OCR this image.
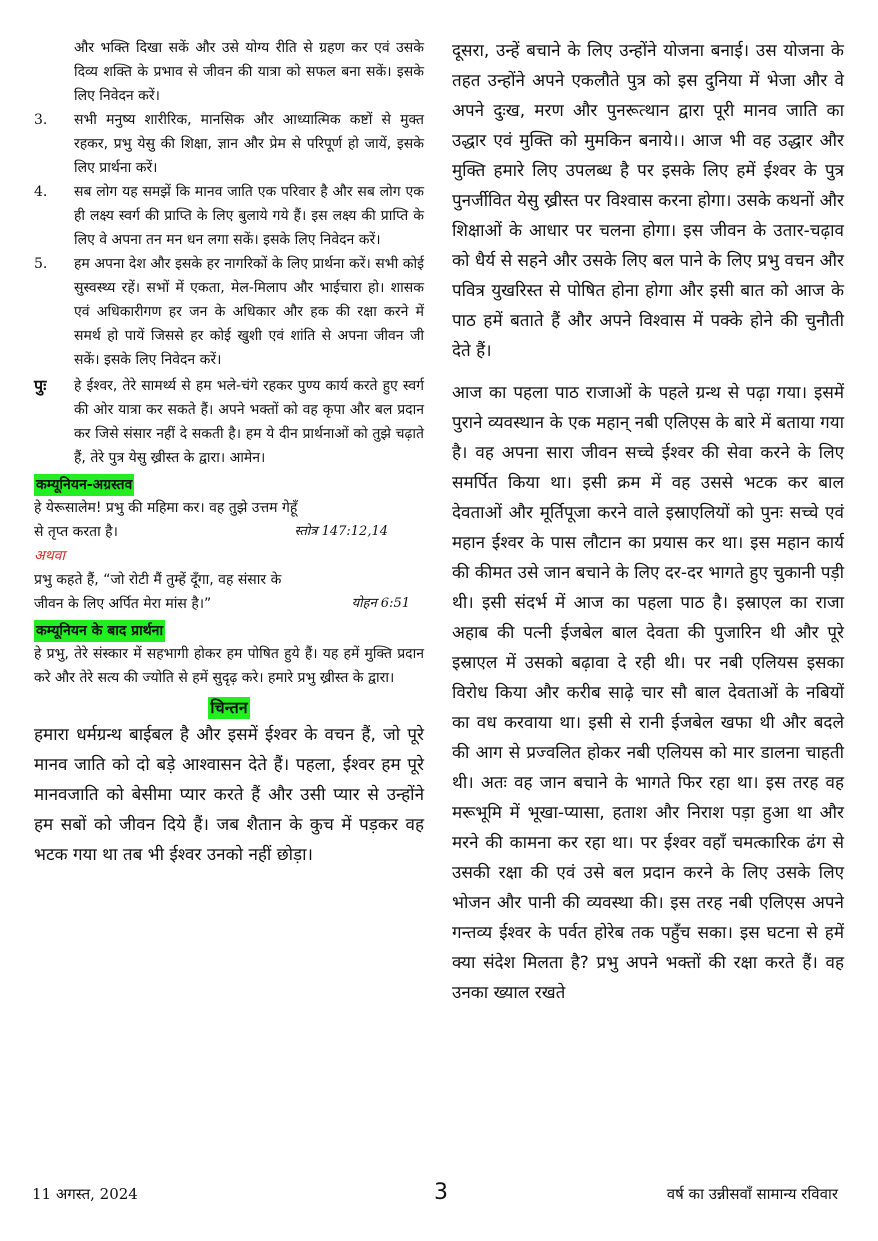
और भक्ति दिखा सकें और उसे योग्य रीति से ग्रहण कर एवं उसके दिव्य शक्ति के प्रभाव से जीवन की यात्रा को सफल बना सकें। इसके लिए निवेदन करें।

3.	सभी मनुष्य शारीरिक, मानसिक और आध्यात्मिक कष्टों से मुक्त रहकर, प्रभु येसु की शिक्षा, ज्ञान और प्रेम से परिपूर्ण हो जायें, इसके लिए प्रार्थना करें।
4.	सब लोग यह समझें कि मानव जाति एक परिवार है और सब लोग एक ही लक्ष्य स्वर्ग की प्राप्ति के लिए बुलाये गये हैं। इस लक्ष्य की प्राप्ति के लिए वे अपना तन मन धन लगा सकें। इसके लिए निवेदन करें।
5.	हम अपना देश और इसके हर नागरिकों के लिए प्रार्थना करें। सभी कोई सुस्वस्थ्य रहें। सभों में एकता, मेल-मिलाप और भाईचारा हो। शासक एवं अधिकारीगण हर जन के अधिकार और हक की रक्षा करने में समर्थ हो पायें जिससे हर कोई खुशी एवं शांति से अपना जीवन जी सकें। इसके लिए निवेदन करें।
पुः	हे ईश्वर, तेरे सामर्थ्य से हम भले-चंगे रहकर पुण्य कार्य करते हुए स्वर्ग की ओर यात्रा कर सकते हैं। अपने भक्तों को वह कृपा और बल प्रदान कर जिसे संसार नहीं दे सकती है। हम ये दीन प्रार्थनाओं को तुझे चढ़ाते हैं, तेरे पुत्र येसु ख्रीस्त के द्वारा। आमेन।
कम्यूनियन-अग्रस्तव
हे येरूसालेम! प्रभु की महिमा कर। वह तुझे उत्तम गेहूँ
से तृप्त करता है।	स्तोत्र 147:12,14
अथवा
प्रभु कहते हैं, “जो रोटी मैं तुम्हें दूँगा, वह संसार के
जीवन के लिए अर्पित मेरा मांस है।”	योहन 6:51
कम्यूनियन के बाद प्रार्थना

हे प्रभु, तेरे संस्कार में सहभागी होकर हम पोषित हुये हैं। यह हमें मुक्ति प्रदान करे और तेरे सत्य की ज्योति से हमें सुदृढ़ करे। हमारे प्रभु ख्रीस्त के द्वारा।

चिन्तन

हमारा धर्मग्रन्थ बाईबल है और इसमें ईश्वर के वचन हैं, जो पूरे मानव जाति को दो बड़े आश्वासन देते हैं। पहला, ईश्वर हम पूरे मानवजाति को बेसीमा प्यार करते हैं और उसी प्यार से उन्होंने हम सबों को जीवन दिये हैं। जब शैतान के कुच में पड़कर वह भटक गया था तब भी ईश्वर उनको नहीं छोड़ा।

दूसरा, उन्हें बचाने के लिए उन्होंने योजना बनाई। उस योजना के तहत उन्होंने अपने एकलौते पुत्र को इस दुनिया में भेजा और वे अपने दुःख, मरण और पुनरूत्थान द्वारा पूरी मानव जाति का उद्धार एवं मुक्ति को मुमकिन बनाये।। आज भी वह उद्धार और मुक्ति हमारे लिए उपलब्ध है पर इसके लिए हमें ईश्वर के पुत्र पुनर्जीवित येसु ख्रीस्त पर विश्वास करना होगा। उसके कथनों और शिक्षाओं के आधार पर चलना होगा। इस जीवन के उतार-चढ़ाव को धैर्य से सहने और उसके लिए बल पाने के लिए प्रभु वचन और पवित्र युखरिस्त से पोषित होना होगा और इसी बात को आज के पाठ हमें बताते हैं और अपने विश्वास में पक्के होने की चुनौती देते हैं।

आज का पहला पाठ राजाओं के पहले ग्रन्थ से पढ़ा गया। इसमें पुराने व्यवस्थान के एक महान् नबी एलिएस के बारे में बताया गया है। वह अपना सारा जीवन सच्चे ईश्वर की सेवा करने के लिए समर्पित किया था। इसी क्रम में वह उससे भटक कर बाल देवताओं और मूर्तिपूजा करने वाले इस्राएलियों को पुनः सच्चे एवं महान ईश्वर के पास लौटान का प्रयास कर था। इस महान कार्य की कीमत उसे जान बचाने के लिए दर-दर भागते हुए चुकानी पड़ी थी। इसी संदर्भ में आज का पहला पाठ है। इस्राएल का राजा अहाब की पत्नी ईजबेल बाल देवता की पुजारिन थी और पूरे इस्राएल में उसको बढ़ावा दे रही थी। पर नबी एलियस इसका विरोध किया और करीब साढ़े चार सौ बाल देवताओं के नबियों का वध करवाया था। इसी से रानी ईजबेल खफा थी और बदले की आग से प्रज्वलित होकर नबी एलियस को मार डालना चाहती थी। अतः वह जान बचाने के भागते फिर रहा था। इस तरह वह मरूभूमि में भूखा-प्यासा, हताश और निराश पड़ा हुआ था और मरने की कामना कर रहा था। पर ईश्वर वहाँ चमत्कारिक ढंग से उसकी रक्षा की एवं उसे बल प्रदान करने के लिए उसके लिए भोजन और पानी की व्यवस्था की। इस तरह नबी एलिएस अपने गन्तव्य ईश्वर के पर्वत होरेब तक पहुँच सका। इस घटना से हमें क्या संदेश मिलता है? प्रभु अपने भक्तों की रक्षा करते हैं। वह उनका ख्याल रखते

11 अगस्त, 2024	3	वर्ष का उन्नीसवाँ सामान्य रविवार
